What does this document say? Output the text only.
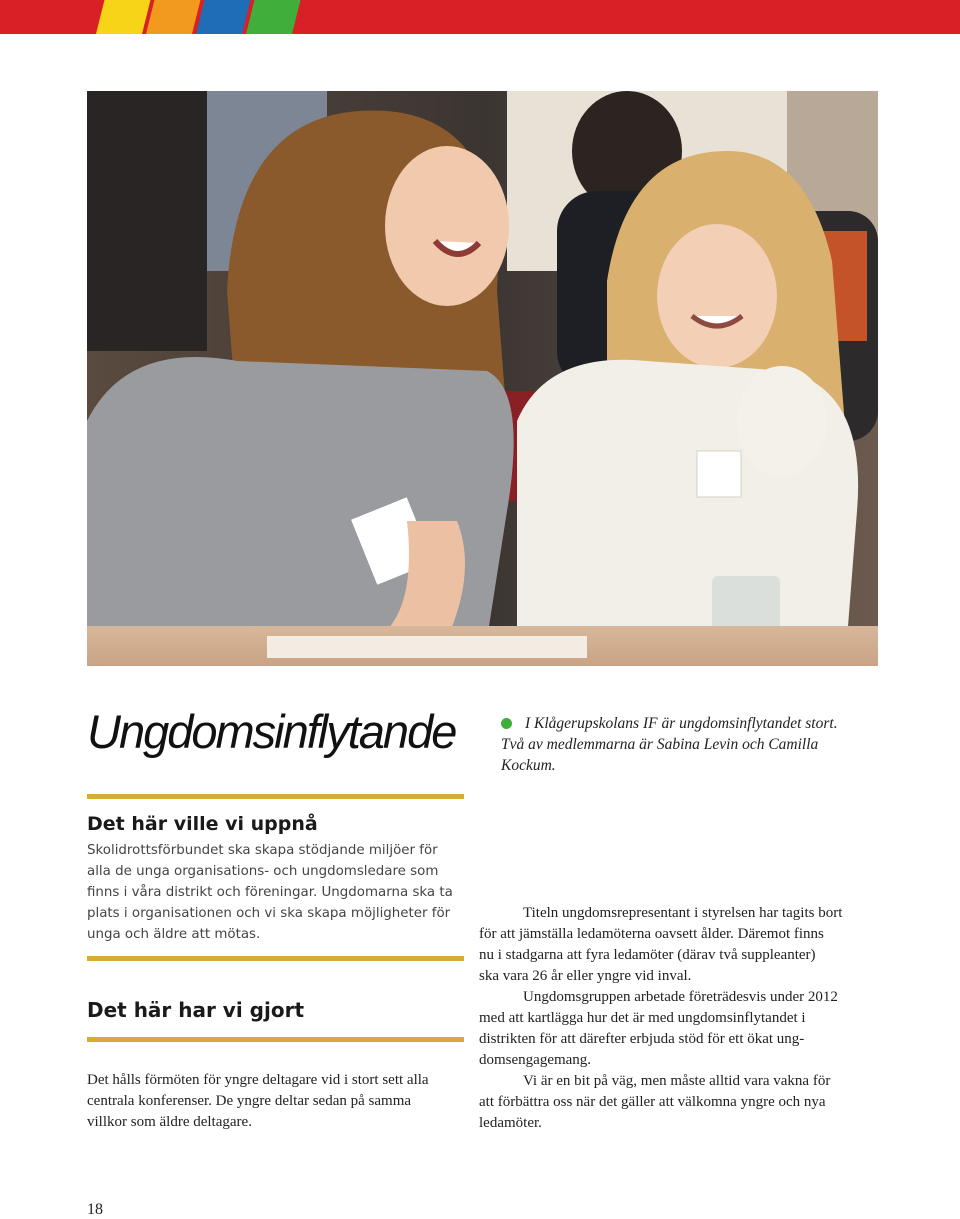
Ungdomsinflytande	I Klågerupskolans IF är ungdomsinflytandet stort.
Två av medlemmarna är Sabina Levin och Camilla
Kockum.
Det här ville vi uppnå
Skolidrottsförbundet ska skapa stödjande miljöer för
alla de unga organisations- och ungdomsledare som
finns i våra distrikt och föreningar. Ungdomarna ska ta
plats i organisationen och vi ska skapa möjligheter för
unga och äldre att mötas.
Det här har vi gjort
Det hålls förmöten för yngre deltagare vid i stort sett alla
centrala konferenser. De yngre deltar sedan på samma
villkor som äldre deltagare.

Titeln ungdomsrepresentant i styrelsen har tagits bort
för att jämställa ledamöterna oavsett ålder. Däremot finns
nu i stadgarna att fyra ledamöter (därav två suppleanter)
ska vara 26 år eller yngre vid inval.

Ungdomsgruppen arbetade företrädesvis under 2012
med att kartlägga hur det är med ungdomsinflytandet i
distrikten för att därefter erbjuda stöd för ett ökat ung-
domsengagemang.

Vi är en bit på väg, men måste alltid vara vakna för
att förbättra oss när det gäller att välkomna yngre och nya
ledamöter.

18
